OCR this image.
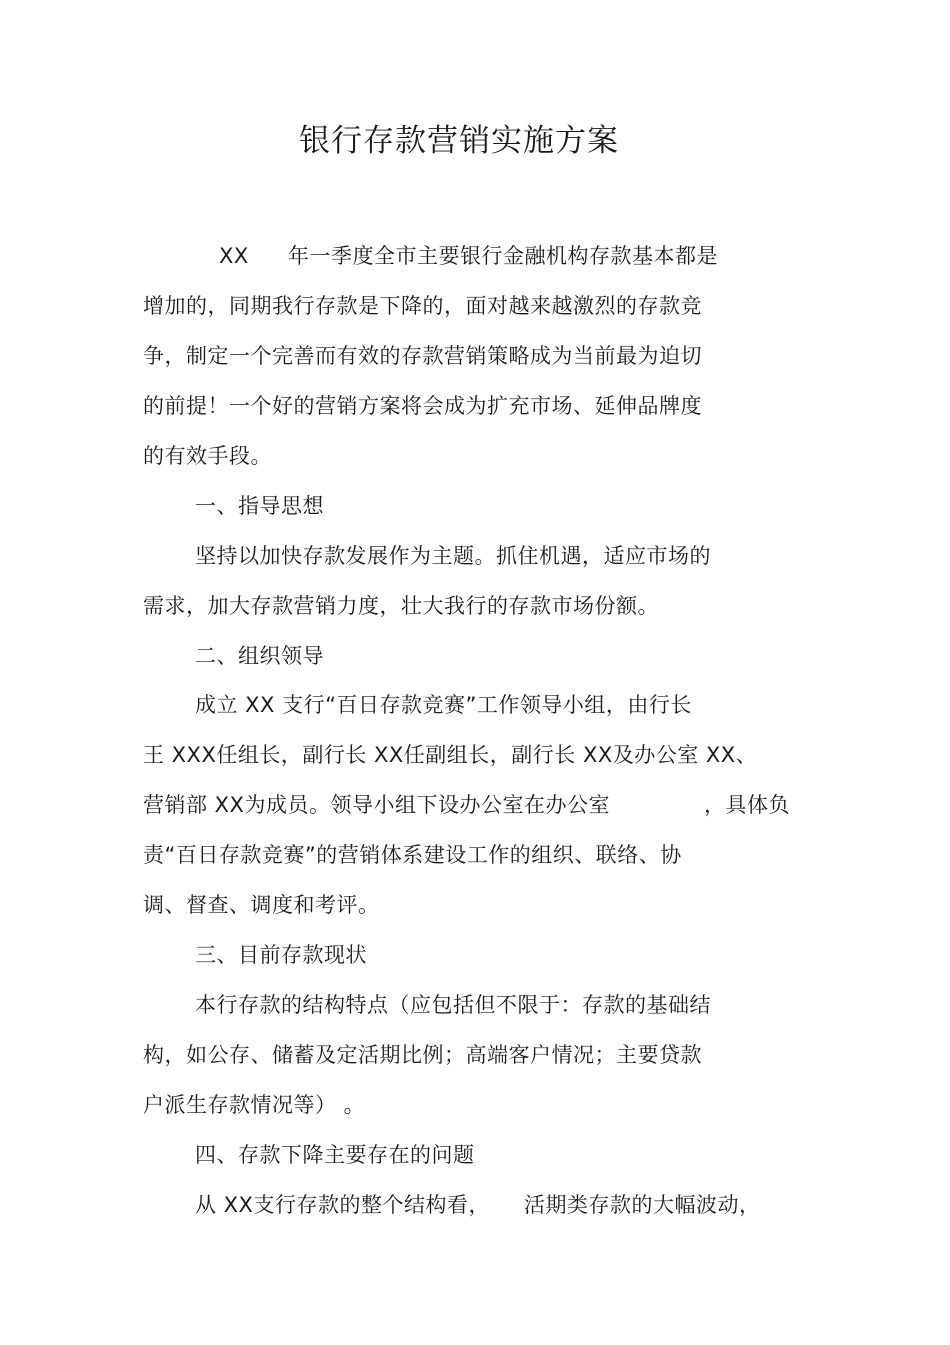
银行存款营销实施方案
XX 年一季度全市主要银行金融机构存款基本都是
增加的，同期我行存款是下降的，面对越来越激烈的存款竞
争，制定一个完善而有效的存款营销策略成为当前最为迫切
的前提！一个好的营销方案将会成为扩充市场、延伸品牌度
的有效手段。
一、指导思想
坚持以加快存款发展作为主题。抓住机遇，适应市场的
需求，加大存款营销力度，壮大我行的存款市场份额。
二、组织领导
成立 XX 支行“百日存款竞赛”工作领导小组，由行长
王 XXX任组长，副行长 XX任副组长，副行长 XX及办公室 XX、
营销部 XX为成员。领导小组下设办公室在办公室	，具体负
责“百日存款竞赛”的营销体系建设工作的组织、联络、协
调、督查、调度和考评。
三、目前存款现状
本行存款的结构特点（应包括但不限于：存款的基础结
构，如公存、储蓄及定活期比例；高端客户情况；主要贷款
户派生存款情况等） 。
四、存款下降主要存在的问题
从 XX支行存款的整个结构看， 活期类存款的大幅波动，
